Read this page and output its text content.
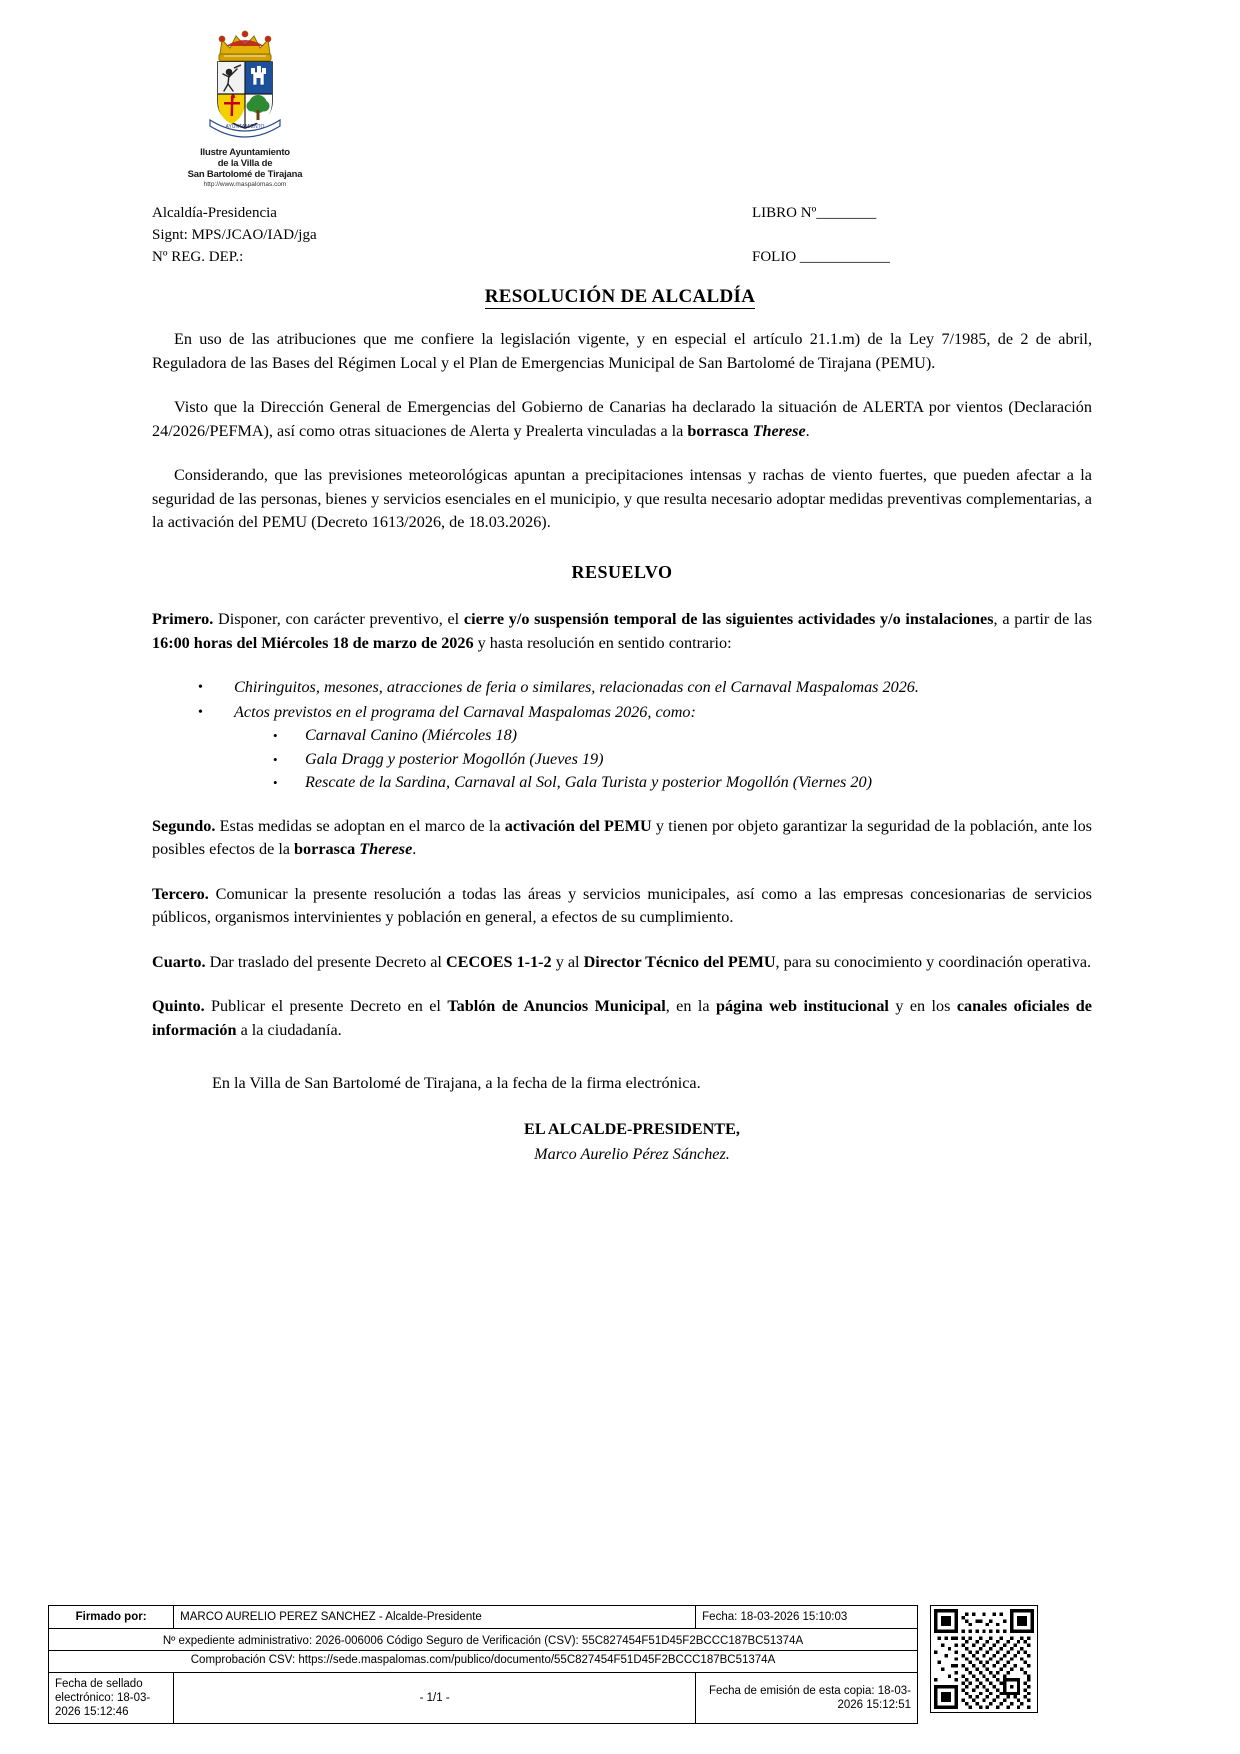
AYUNTAMIENTO
Ilustre Ayuntamiento
de la Villa de
San Bartolomé de Tirajana
http://www.maspalomas.com
Alcaldía-Presidencia
Signt: MPS/JCAO/IAD/jga
Nº REG. DEP.:
LIBRO Nº________
FOLIO ____________
RESOLUCIÓN DE ALCALDÍA

En uso de las atribuciones que me confiere la legislación vigente, y en especial el artículo 21.1.m) de la Ley 7/1985, de 2 de abril, Reguladora de las Bases del Régimen Local y el Plan de Emergencias Municipal de San Bartolomé de Tirajana (PEMU).

Visto que la Dirección General de Emergencias del Gobierno de Canarias ha declarado la situación de ALERTA por vientos (Declaración 24/2026/PEFMA), así como otras situaciones de Alerta y Prealerta vinculadas a la borrasca Therese.

Considerando, que las previsiones meteorológicas apuntan a precipitaciones intensas y rachas de viento fuertes, que pueden afectar a la seguridad de las personas, bienes y servicios esenciales en el municipio, y que resulta necesario adoptar medidas preventivas complementarias, a la activación del PEMU (Decreto 1613/2026, de 18.03.2026).

RESUELVO

Primero. Disponer, con carácter preventivo, el cierre y/o suspensión temporal de las siguientes actividades y/o instalaciones, a partir de las 16:00 horas del Miércoles 18 de marzo de 2026 y hasta resolución en sentido contrario:

• Chiringuitos, mesones, atracciones de feria o similares, relacionadas con el Carnaval Maspalomas 2026.
• Actos previstos en el programa del Carnaval Maspalomas 2026, como:
• Carnaval Canino (Miércoles 18)
• Gala Dragg y posterior Mogollón (Jueves 19)
• Rescate de la Sardina, Carnaval al Sol, Gala Turista y posterior Mogollón (Viernes 20)

Segundo. Estas medidas se adoptan en el marco de la activación del PEMU y tienen por objeto garantizar la seguridad de la población, ante los posibles efectos de la borrasca Therese.

Tercero. Comunicar la presente resolución a todas las áreas y servicios municipales, así como a las empresas concesionarias de servicios públicos, organismos intervinientes y población en general, a efectos de su cumplimiento.

Cuarto. Dar traslado del presente Decreto al CECOES 1-1-2 y al Director Técnico del PEMU, para su conocimiento y coordinación operativa.

Quinto. Publicar el presente Decreto en el Tablón de Anuncios Municipal, en la página web institucional y en los canales oficiales de información a la ciudadanía.

En la Villa de San Bartolomé de Tirajana, a la fecha de la firma electrónica.

EL ALCALDE-PRESIDENTE,

Marco Aurelio Pérez Sánchez.

Firmado por:	MARCO AURELIO PEREZ SANCHEZ - Alcalde-Presidente	Fecha: 18-03-2026 15:10:03
Nº expediente administrativo: 2026-006006 Código Seguro de Verificación (CSV): 55C827454F51D45F2BCCC187BC51374A		
Comprobación CSV: https://sede.maspalomas.com/publico/documento/55C827454F51D45F2BCCC187BC51374A		
Fecha de sellado electrónico: 18-03-2026 15:12:46	- 1/1 -	Fecha de emisión de esta copia: 18-03-2026 15:12:51
